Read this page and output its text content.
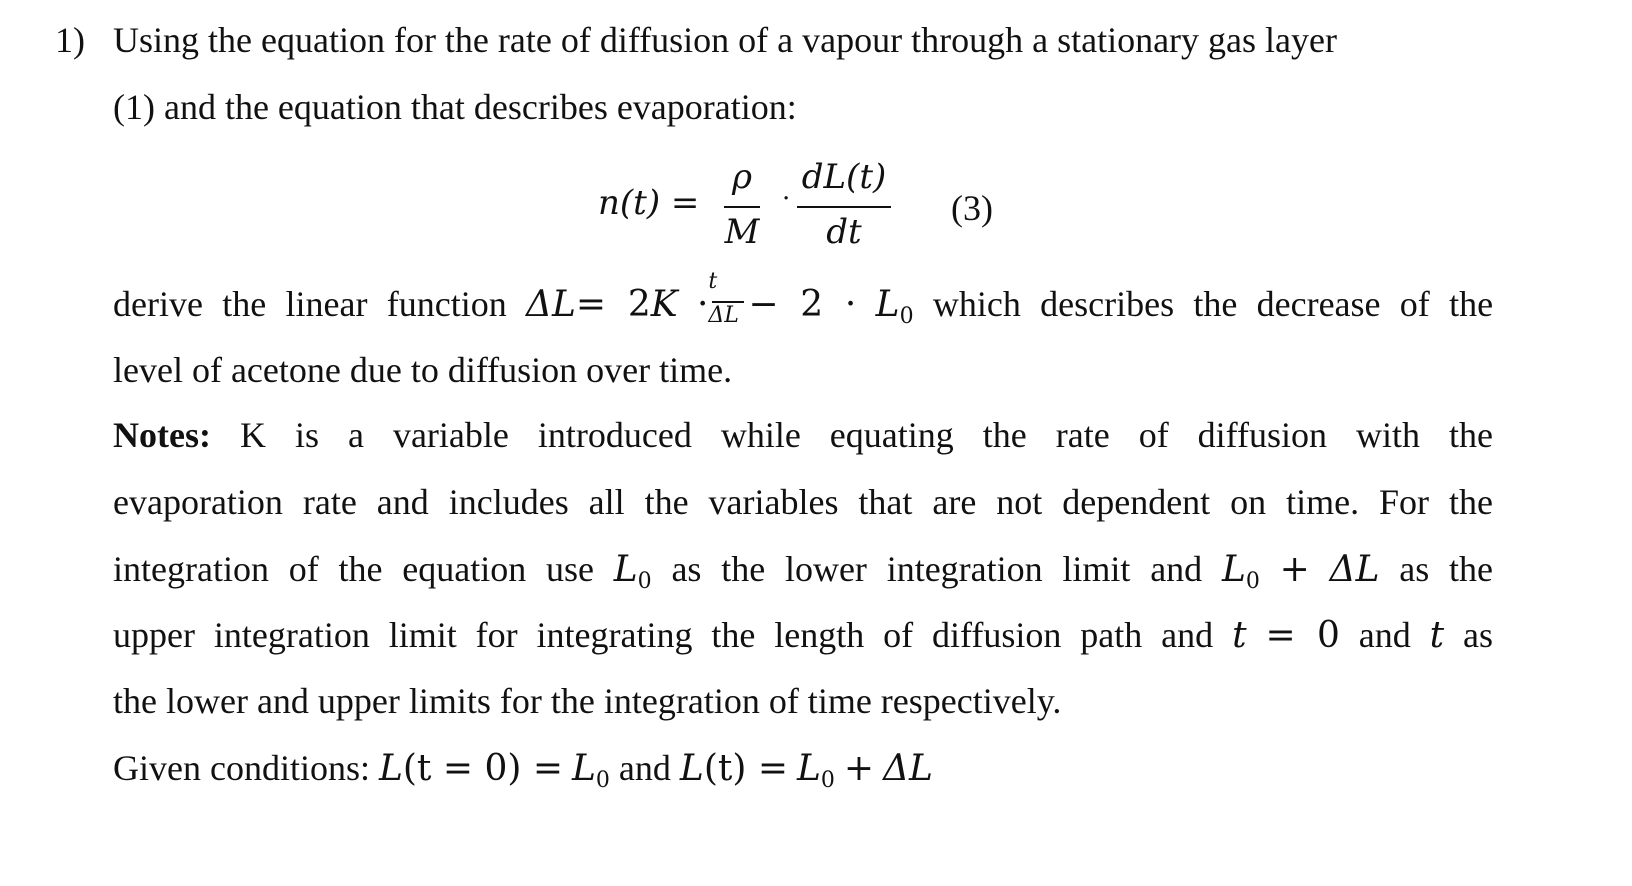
1) Using the equation for the rate of diffusion of a vapour through a stationary gas layer
(1) and the equation that describes evaporation:
n(t) =
ρ
M
·
dL(t)
dt
(3)
derive the linear function $\Delta L= 2K \cdot \frac{t}{\Delta L} - 2 \cdot L_0$ which describes the decrease of the
level of acetone due to diffusion over time.
Notes: K is a variable introduced while equating the rate of diffusion with the
evaporation rate and includes all the variables that are not dependent on time. For the
integration of the equation use $L_0$ as the lower integration limit and $L_0 + \Delta L$ as the
upper integration limit for integrating the length of diffusion path and t = 0 and t as
the lower and upper limits for the integration of time respectively.
Given conditions: $L(t = 0) = L_0$ and $L(t) = L_0 + \Delta L$
